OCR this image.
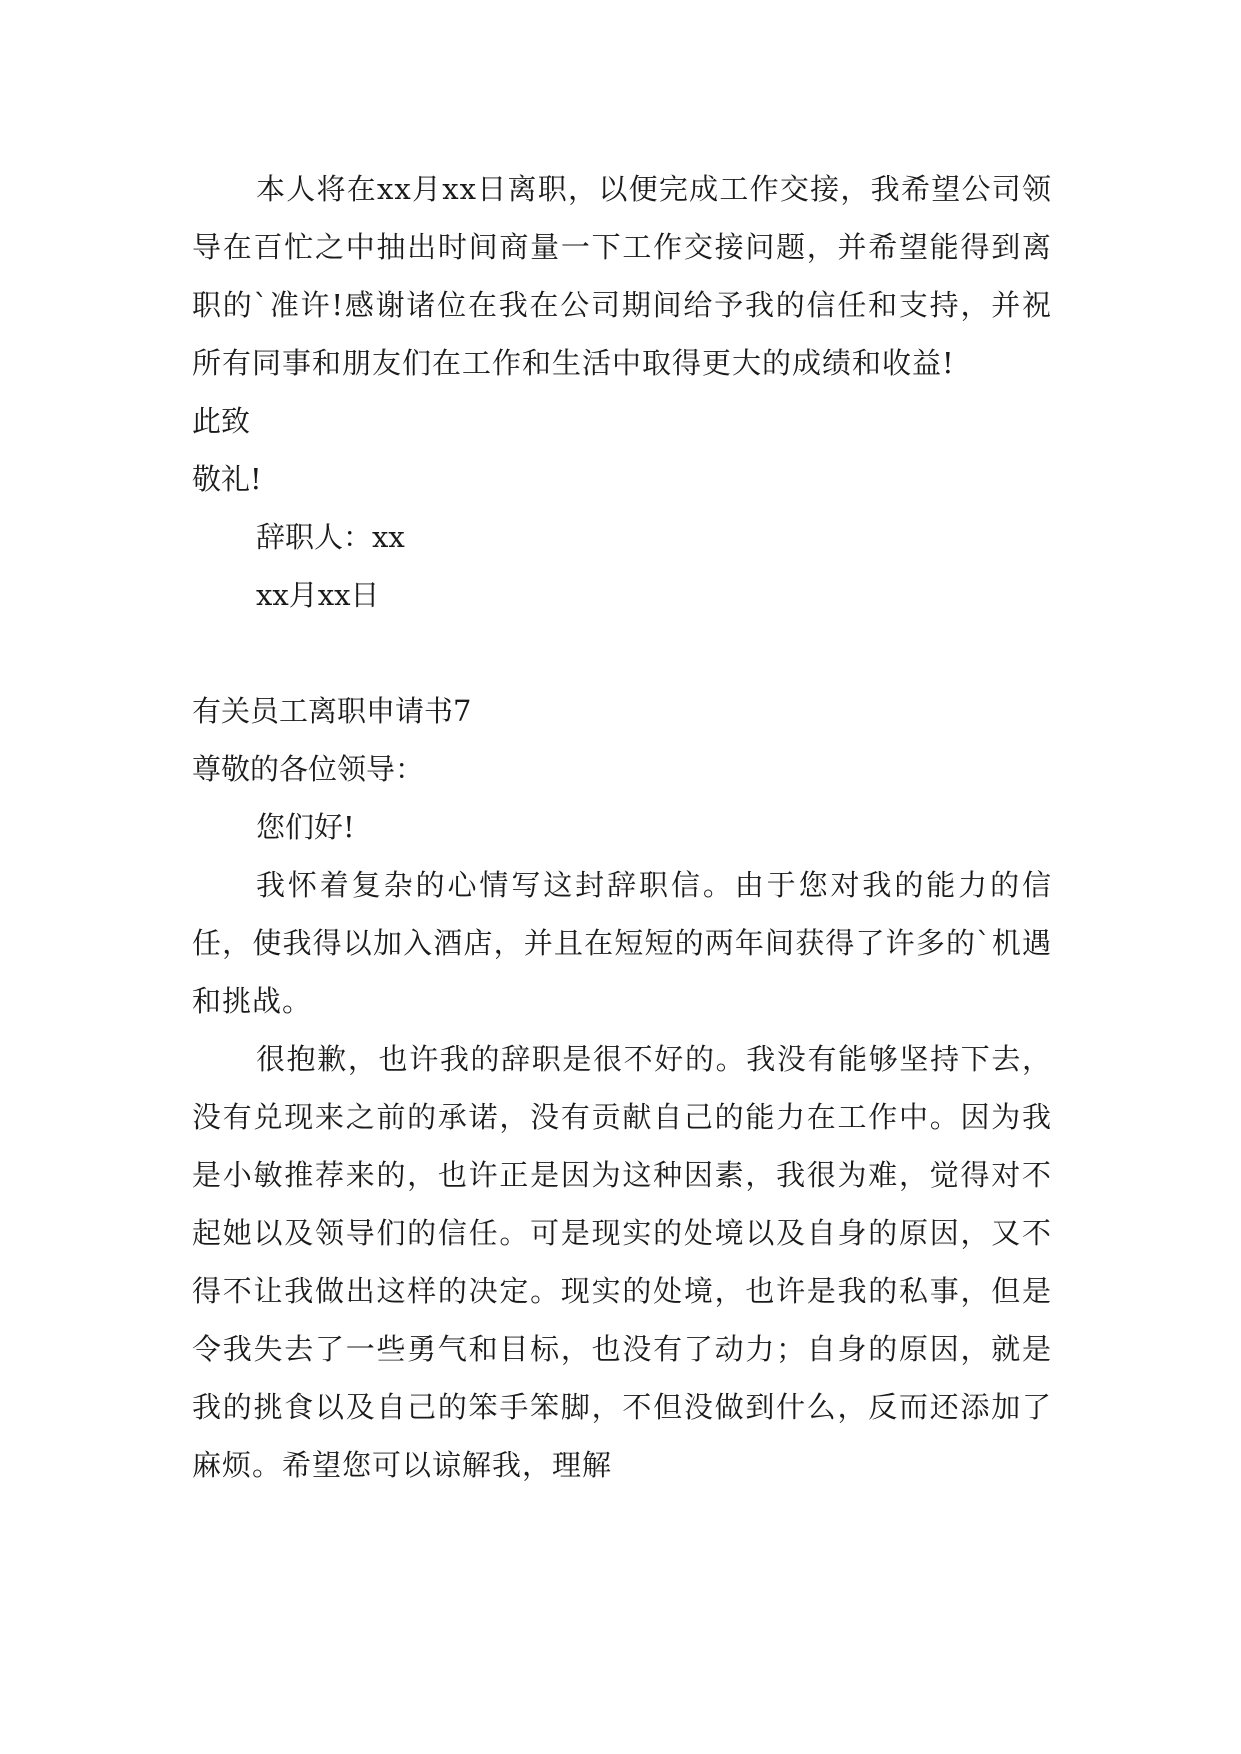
本人将在xx月xx日离职，以便完成工作交接，我希望公司领导在百忙之中抽出时间商量一下工作交接问题，并希望能得到离职的`准许!感谢诸位在我在公司期间给予我的信任和支持，并祝所有同事和朋友们在工作和生活中取得更大的成绩和收益!

此致

敬礼!

辞职人：xx

xx月xx日

有关员工离职申请书7

尊敬的各位领导：

您们好!

我怀着复杂的心情写这封辞职信。由于您对我的能力的信任，使我得以加入酒店，并且在短短的两年间获得了许多的`机遇和挑战。

很抱歉，也许我的辞职是很不好的。我没有能够坚持下去，没有兑现来之前的承诺，没有贡献自己的能力在工作中。因为我是小敏推荐来的，也许正是因为这种因素，我很为难，觉得对不起她以及领导们的信任。可是现实的处境以及自身的原因，又不得不让我做出这样的决定。现实的处境，也许是我的私事，但是令我失去了一些勇气和目标，也没有了动力；自身的原因，就是我的挑食以及自己的笨手笨脚，不但没做到什么，反而还添加了麻烦。希望您可以谅解我，理解
